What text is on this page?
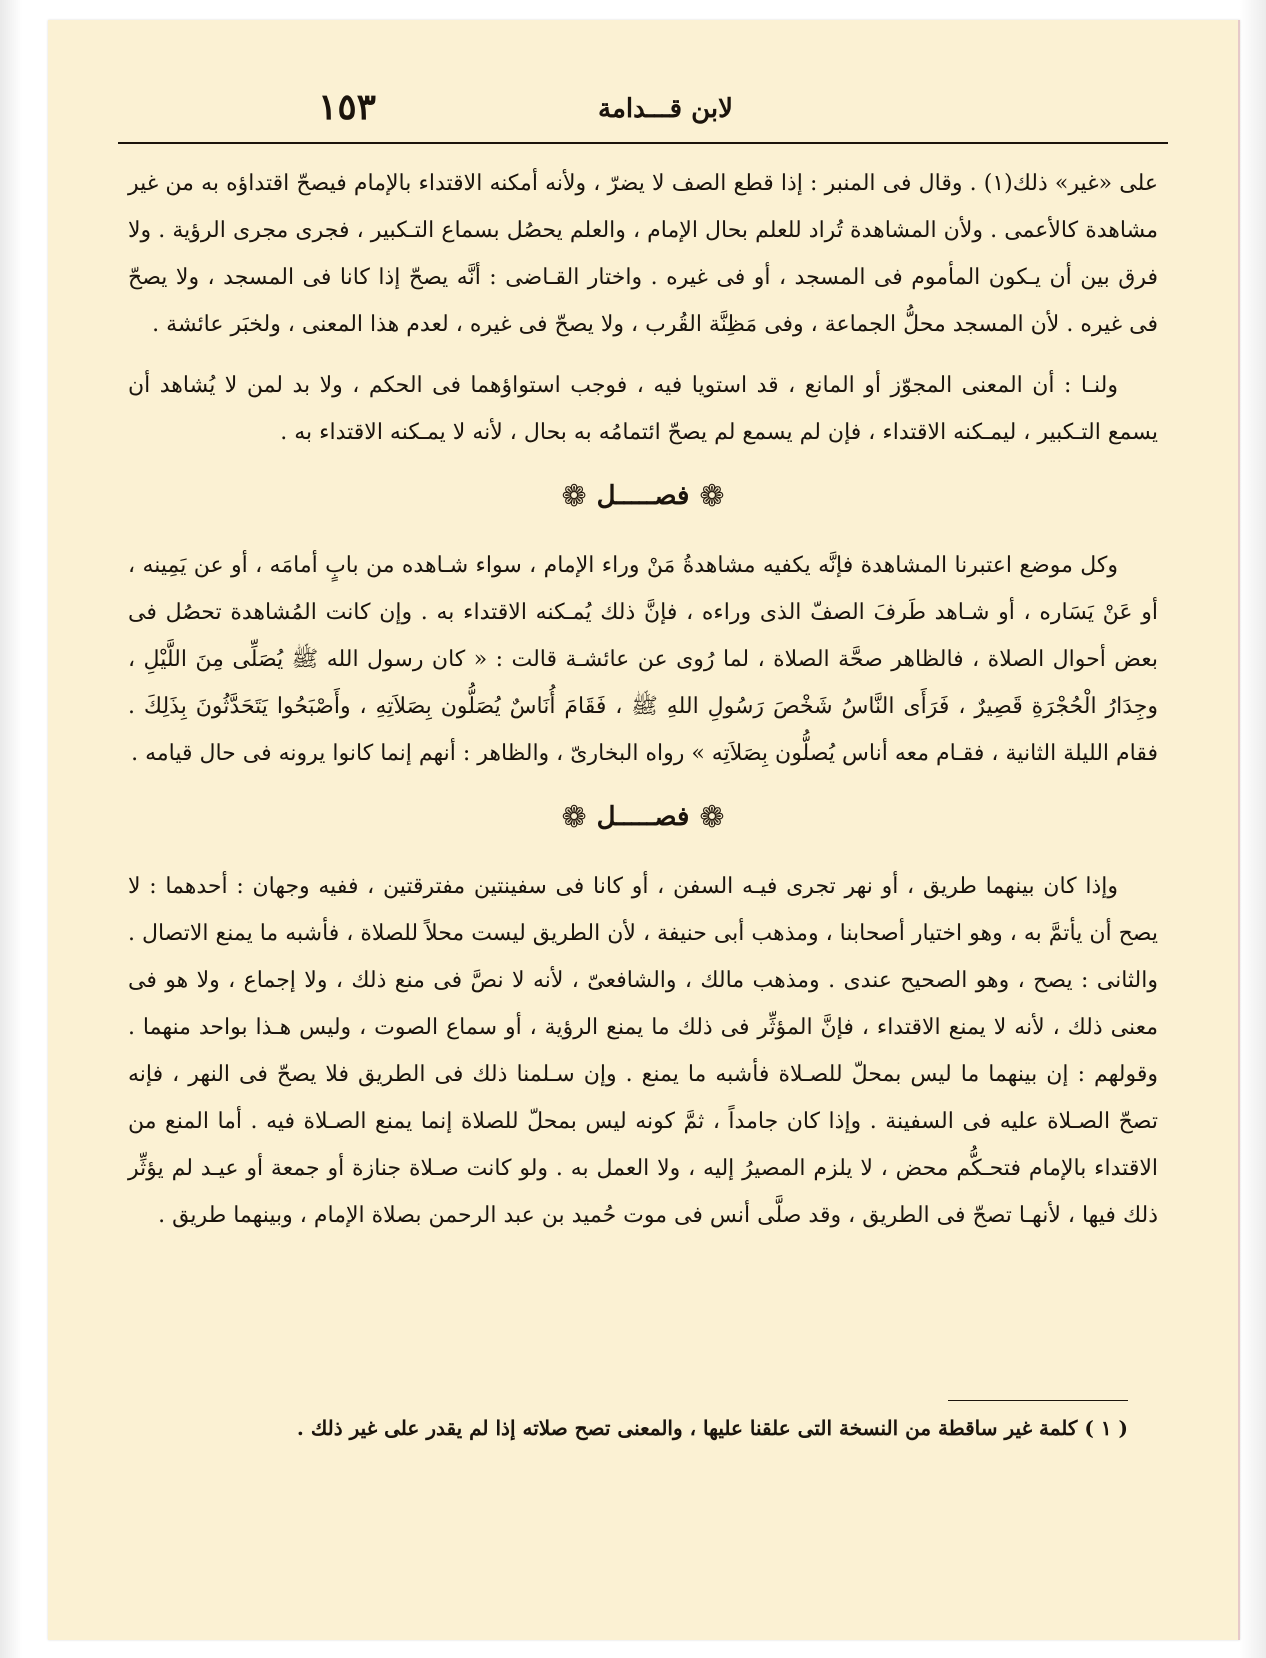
١٥٣	لابن قـــدامة

على «غير» ذلك(١) . وقال فى المنبر : إذا قطع الصف لا يضرّ ، ولأنه أمكنه الاقتداء بالإمام فيصحّ اقتداؤه به من غير مشاهدة كالأعمى . ولأن المشاهدة تُراد للعلم بحال الإمام ، والعلم يحصُل بسماع التـكبير ، فجرى مجرى الرؤية . ولا فرق بين أن يـكون المأموم فى المسجد ، أو فى غيره . واختار القـاضى : أنَّه يصحّ إذا كانا فى المسجد ، ولا يصحّ فى غيره . لأن المسجد محلُّ الجماعة ، وفى مَظِنَّة القُرب ، ولا يصحّ فى غيره ، لعدم هذا المعنى ، ولخبَر عائشة .

ولنـا : أن المعنى المجوّز أو المانع ، قد استويا فيه ، فوجب استواؤهما فى الحكم ، ولا بد لمن لا يُشاهد أن يسمع التـكبير ، ليمـكنه الاقتداء ، فإن لم يسمع لم يصحّ ائتمامُه به بحال ، لأنه لا يمـكنه الاقتداء به .

❁
فصـــــل
❁

وكل موضع اعتبرنا المشاهدة فإنَّه يكفيه مشاهدةُ مَنْ وراء الإمام ، سواء شـاهده من بابٍ أمامَه ، أو عن يَمِينه ، أو عَنْ يَسَاره ، أو شـاهد طَرفَ الصفّ الذى وراءه ، فإنَّ ذلك يُمـكنه الاقتداء به . وإن كانت المُشاهدة تحصُل فى بعض أحوال الصلاة ، فالظاهر صحَّة الصلاة ، لما رُوى عن عائشـة قالت : « كان رسول الله ﷺ يُصَلِّى مِنَ اللَّيْلِ ، وجِدَارُ الْحُجْرَةِ قَصِيرٌ ، فَرَأَى النَّاسُ شَخْصَ رَسُولِ اللهِ ﷺ ، فَقَامَ أُنَاسٌ يُصَلُّون بِصَلاَتِهِ ، وأَصْبَحُوا يَتَحَدَّثُونَ بِذَلِكَ . فقام الليلة الثانية ، فقـام معه أناس يُصلُّون بِصَلاَتِه » رواه البخارىّ ، والظاهر : أنهم إنما كانوا يرونه فى حال قيامه .

❁
فصـــــل
❁

وإذا كان بينهما طريق ، أو نهر تجرى فيـه السفن ، أو كانا فى سفينتين مفترقتين ، ففيه وجهان : أحدهما : لا يصح أن يأتمَّ به ، وهو اختيار أصحابنا ، ومذهب أبى حنيفة ، لأن الطريق ليست محلاً للصلاة ، فأشبه ما يمنع الاتصال . والثانى : يصح ، وهو الصحيح عندى . ومذهب مالك ، والشافعىّ ، لأنه لا نصَّ فى منع ذلك ، ولا إجماع ، ولا هو فى معنى ذلك ، لأنه لا يمنع الاقتداء ، فإنَّ المؤثِّر فى ذلك ما يمنع الرؤية ، أو سماع الصوت ، وليس هـذا بواحد منهما . وقولهم : إن بينهما ما ليس بمحلّ للصـلاة فأشبه ما يمنع . وإن سـلمنا ذلك فى الطريق فلا يصحّ فى النهر ، فإنه تصحّ الصـلاة عليه فى السفينة . وإذا كان جامداً ، ثمَّ كونه ليس بمحلّ للصلاة إنما يمنع الصـلاة فيه . أما المنع من الاقتداء بالإمام فتحـكُّم محض ، لا يلزم المصيرُ إليه ، ولا العمل به . ولو كانت صـلاة جنازة أو جمعة أو عيـد لم يؤثِّر ذلك فيها ، لأنهـا تصحّ فى الطريق ، وقد صلَّى أنس فى موت حُميد بن عبد الرحمن بصلاة الإمام ، وبينهما طريق .

( ١ ) كلمة غير ساقطة من النسخة التى علقنا عليها ، والمعنى تصح صلاته إذا لم يقدر على غير ذلك .
